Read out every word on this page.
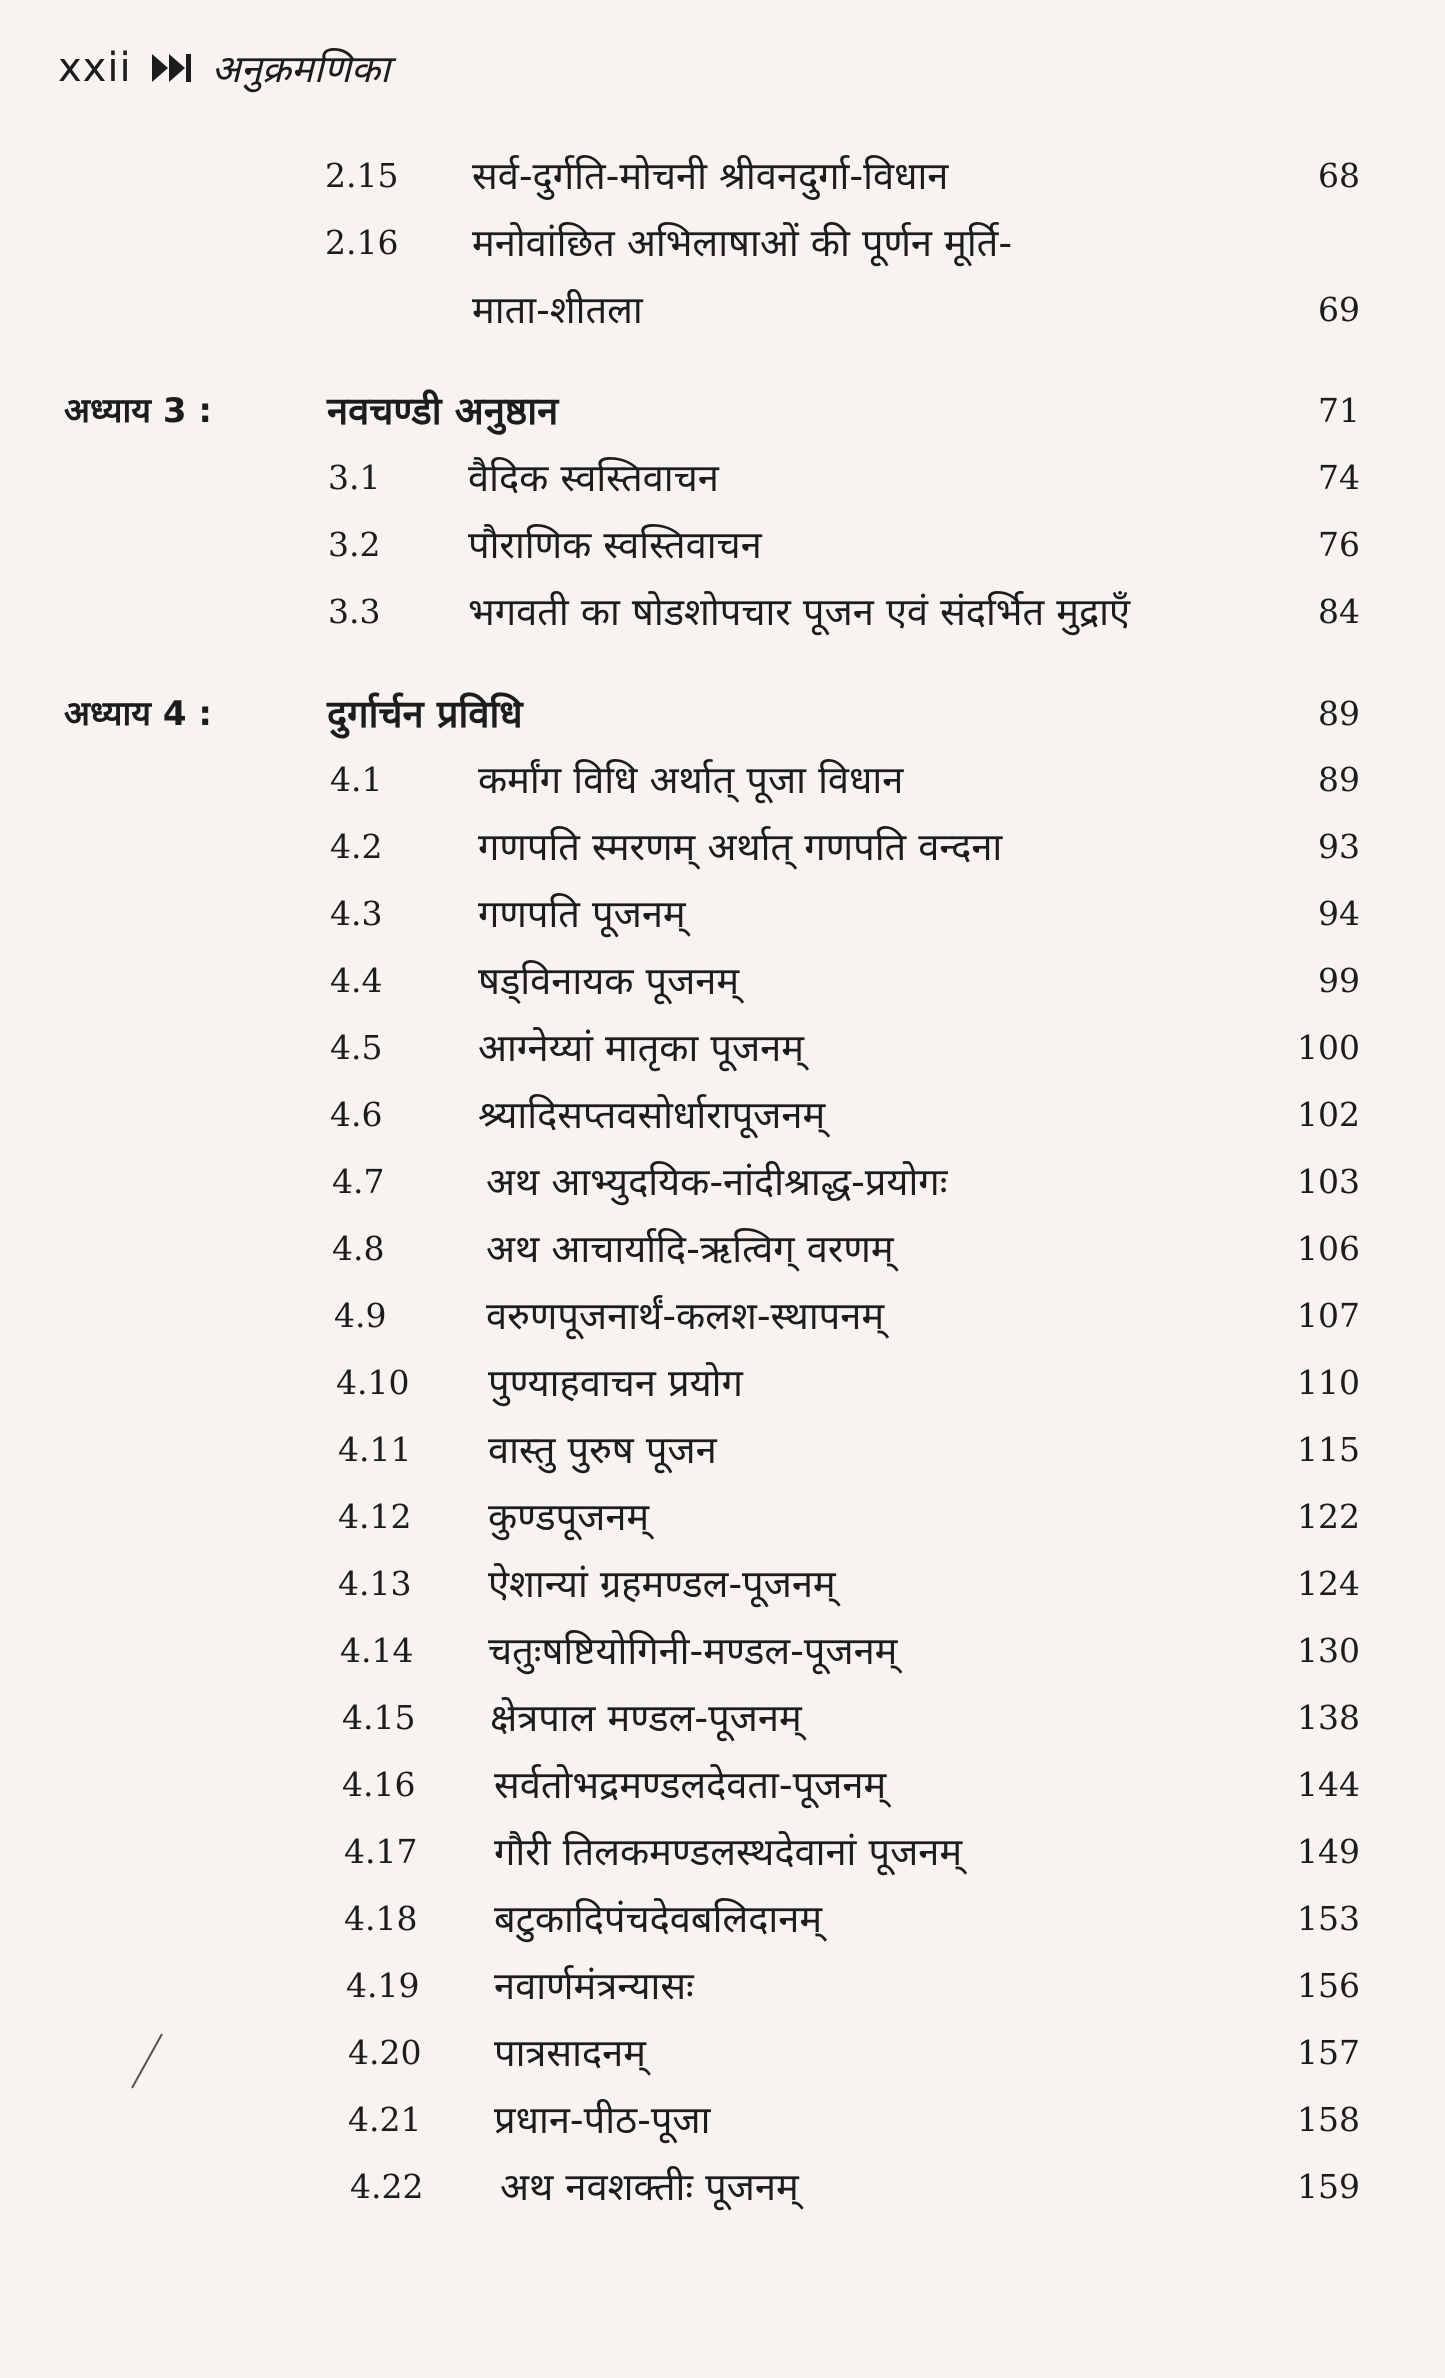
xxii अनुक्रमणिका
2.15 सर्व-दुर्गति-मोचनी श्रीवनदुर्गा-विधान	68
2.16 मनोवांछित अभिलाषाओं की पूर्णन मूर्ति-
माता-शीतला	69
अध्याय 3 :	नवचण्डी अनुष्ठान	71
3.1 वैदिक स्वस्तिवाचन	74
3.2 पौराणिक स्वस्तिवाचन	76
3.3 भगवती का षोडशोपचार पूजन एवं संदर्भित मुद्राएँ	84
अध्याय 4 :	दुर्गार्चन प्रविधि	89
4.1	कर्मांग विधि अर्थात् पूजा विधान	89
4.2	गणपति स्मरणम् अर्थात् गणपति वन्दना	93
4.3	गणपति पूजनम्	94
4.4	षड्विनायक पूजनम्	99
4.5	आग्नेय्यां मातृका पूजनम्	100
4.6	श्र्यादिसप्तवसोर्धारापूजनम्	102
4.7	अथ आभ्युदयिक-नांदीश्राद्ध-प्रयोगः	103
4.8	अथ आचार्यादि-ऋत्विग् वरणम्	106
4.9	वरुणपूजनार्थं-कलश-स्थापनम्	107
4.10 पुण्याहवाचन प्रयोग	110
4.11 वास्तु पुरुष पूजन	115
4.12 कुण्डपूजनम्	122
4.13 ऐशान्यां ग्रहमण्डल-पूजनम्	124
4.14 चतुःषष्टियोगिनी-मण्डल-पूजनम्	130
4.15 क्षेत्रपाल मण्डल-पूजनम्	138
4.16 सर्वतोभद्रमण्डलदेवता-पूजनम्	144
4.17 गौरी तिलकमण्डलस्थदेवानां पूजनम्	149
4.18 बटुकादिपंचदेवबलिदानम्	153
4.19 नवार्णमंत्रन्यासः	156
4.20 पात्रसादनम्	157
4.21 प्रधान-पीठ-पूजा	158
4.22 अथ नवशक्तीः पूजनम्	159
